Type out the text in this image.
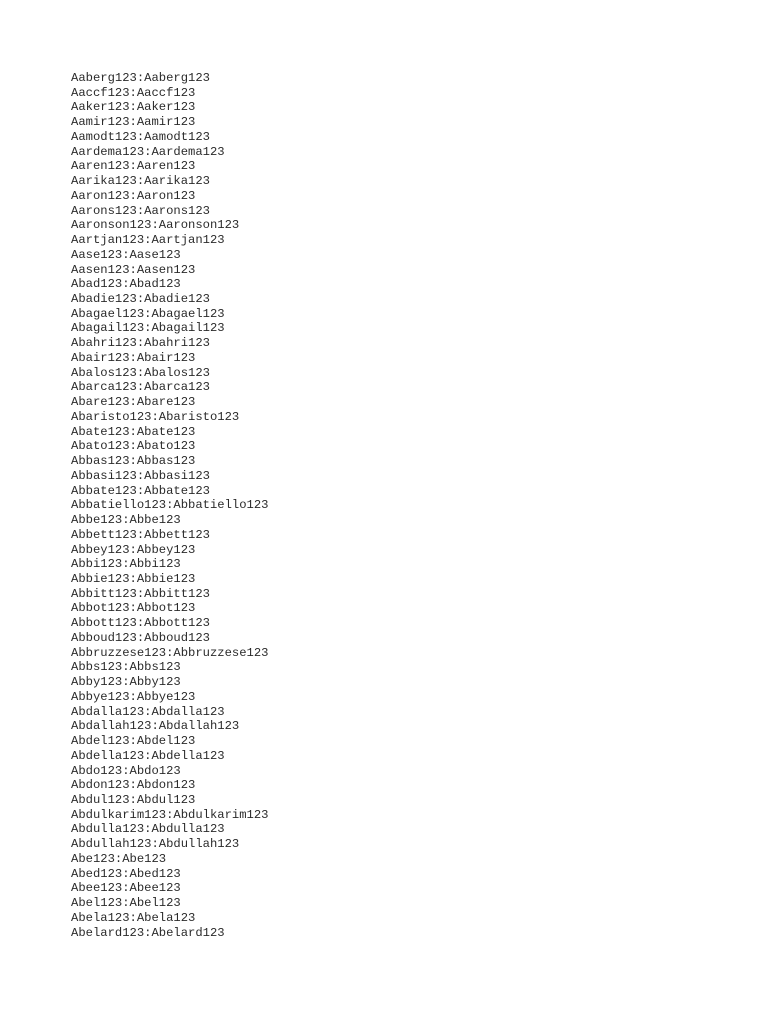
Aaberg123:Aaberg123
Aaccf123:Aaccf123
Aaker123:Aaker123
Aamir123:Aamir123
Aamodt123:Aamodt123
Aardema123:Aardema123
Aaren123:Aaren123
Aarika123:Aarika123
Aaron123:Aaron123
Aarons123:Aarons123
Aaronson123:Aaronson123
Aartjan123:Aartjan123
Aase123:Aase123
Aasen123:Aasen123
Abad123:Abad123
Abadie123:Abadie123
Abagael123:Abagael123
Abagail123:Abagail123
Abahri123:Abahri123
Abair123:Abair123
Abalos123:Abalos123
Abarca123:Abarca123
Abare123:Abare123
Abaristo123:Abaristo123
Abate123:Abate123
Abato123:Abato123
Abbas123:Abbas123
Abbasi123:Abbasi123
Abbate123:Abbate123
Abbatiello123:Abbatiello123
Abbe123:Abbe123
Abbett123:Abbett123
Abbey123:Abbey123
Abbi123:Abbi123
Abbie123:Abbie123
Abbitt123:Abbitt123
Abbot123:Abbot123
Abbott123:Abbott123
Abboud123:Abboud123
Abbruzzese123:Abbruzzese123
Abbs123:Abbs123
Abby123:Abby123
Abbye123:Abbye123
Abdalla123:Abdalla123
Abdallah123:Abdallah123
Abdel123:Abdel123
Abdella123:Abdella123
Abdo123:Abdo123
Abdon123:Abdon123
Abdul123:Abdul123
Abdulkarim123:Abdulkarim123
Abdulla123:Abdulla123
Abdullah123:Abdullah123
Abe123:Abe123
Abed123:Abed123
Abee123:Abee123
Abel123:Abel123
Abela123:Abela123
Abelard123:Abelard123
